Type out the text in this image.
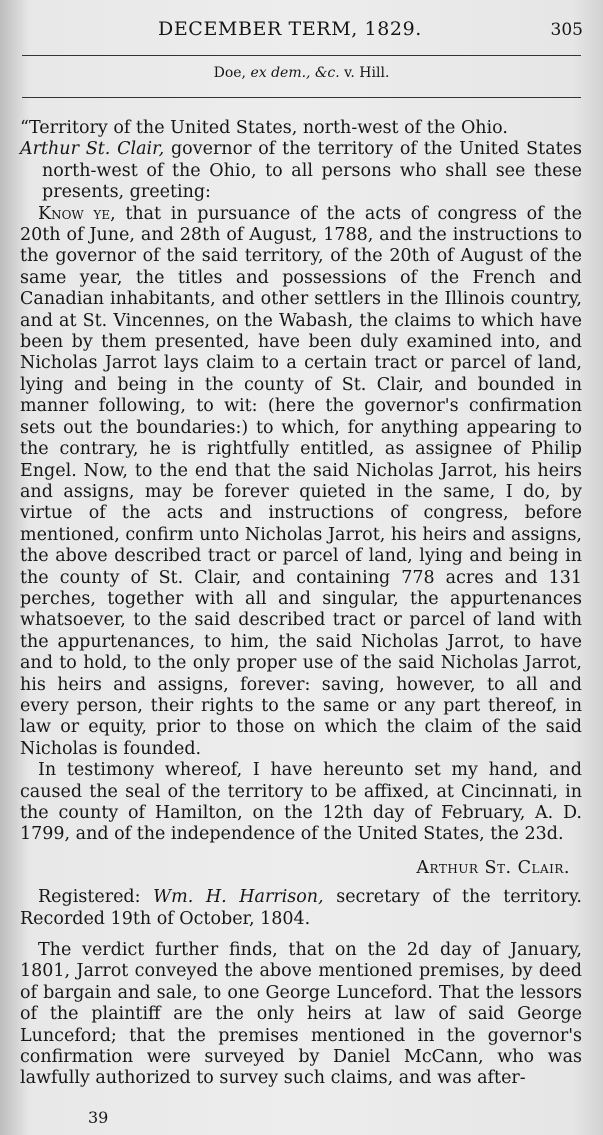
DECEMBER TERM, 1829.	305
Doe, ex dem., &c. v. Hill.

“Territory of the United States, north-west of the Ohio.

Arthur St. Clair, governor of the territory of the United States north-west of the Ohio, to all persons who shall see these presents, greeting:

Know ye, that in pursuance of the acts of congress of the 20th of June, and 28th of August, 1788, and the instructions to the governor of the said territory, of the 20th of August of the same year, the titles and possessions of the French and Canadian inhabitants, and other settlers in the Illinois country, and at St. Vincennes, on the Wabash, the claims to which have been by them presented, have been duly examined into, and Nicholas Jarrot lays claim to a certain tract or parcel of land, lying and being in the county of St. Clair, and bounded in manner following, to wit: (here the governor's confirmation sets out the boundaries:) to which, for anything appearing to the contrary, he is rightfully entitled, as assignee of Philip Engel. Now, to the end that the said Nicholas Jarrot, his heirs and assigns, may be forever quieted in the same, I do, by virtue of the acts and instructions of congress, before mentioned, confirm unto Nicholas Jarrot, his heirs and assigns, the above described tract or parcel of land, lying and being in the county of St. Clair, and containing 778 acres and 131 perches, together with all and singular, the appurtenances whatsoever, to the said described tract or parcel of land with the appurtenances, to him, the said Nicholas Jarrot, to have and to hold, to the only proper use of the said Nicholas Jarrot, his heirs and assigns, forever: saving, however, to all and every person, their rights to the same or any part thereof, in law or equity, prior to those on which the claim of the said Nicholas is founded.

In testimony whereof, I have hereunto set my hand, and caused the seal of the territory to be affixed, at Cincinnati, in the county of Hamilton, on the 12th day of February, A. D. 1799, and of the independence of the United States, the 23d.

Arthur St. Clair.

Registered: Wm. H. Harrison, secretary of the territory. Recorded 19th of October, 1804.

The verdict further finds, that on the 2d day of January, 1801, Jarrot conveyed the above mentioned premises, by deed of bargain and sale, to one George Lunceford. That the lessors of the plaintiff are the only heirs at law of said George Lunceford; that the premises mentioned in the governor's confirmation were surveyed by Daniel McCann, who was lawfully authorized to survey such claims, and was after-

39
